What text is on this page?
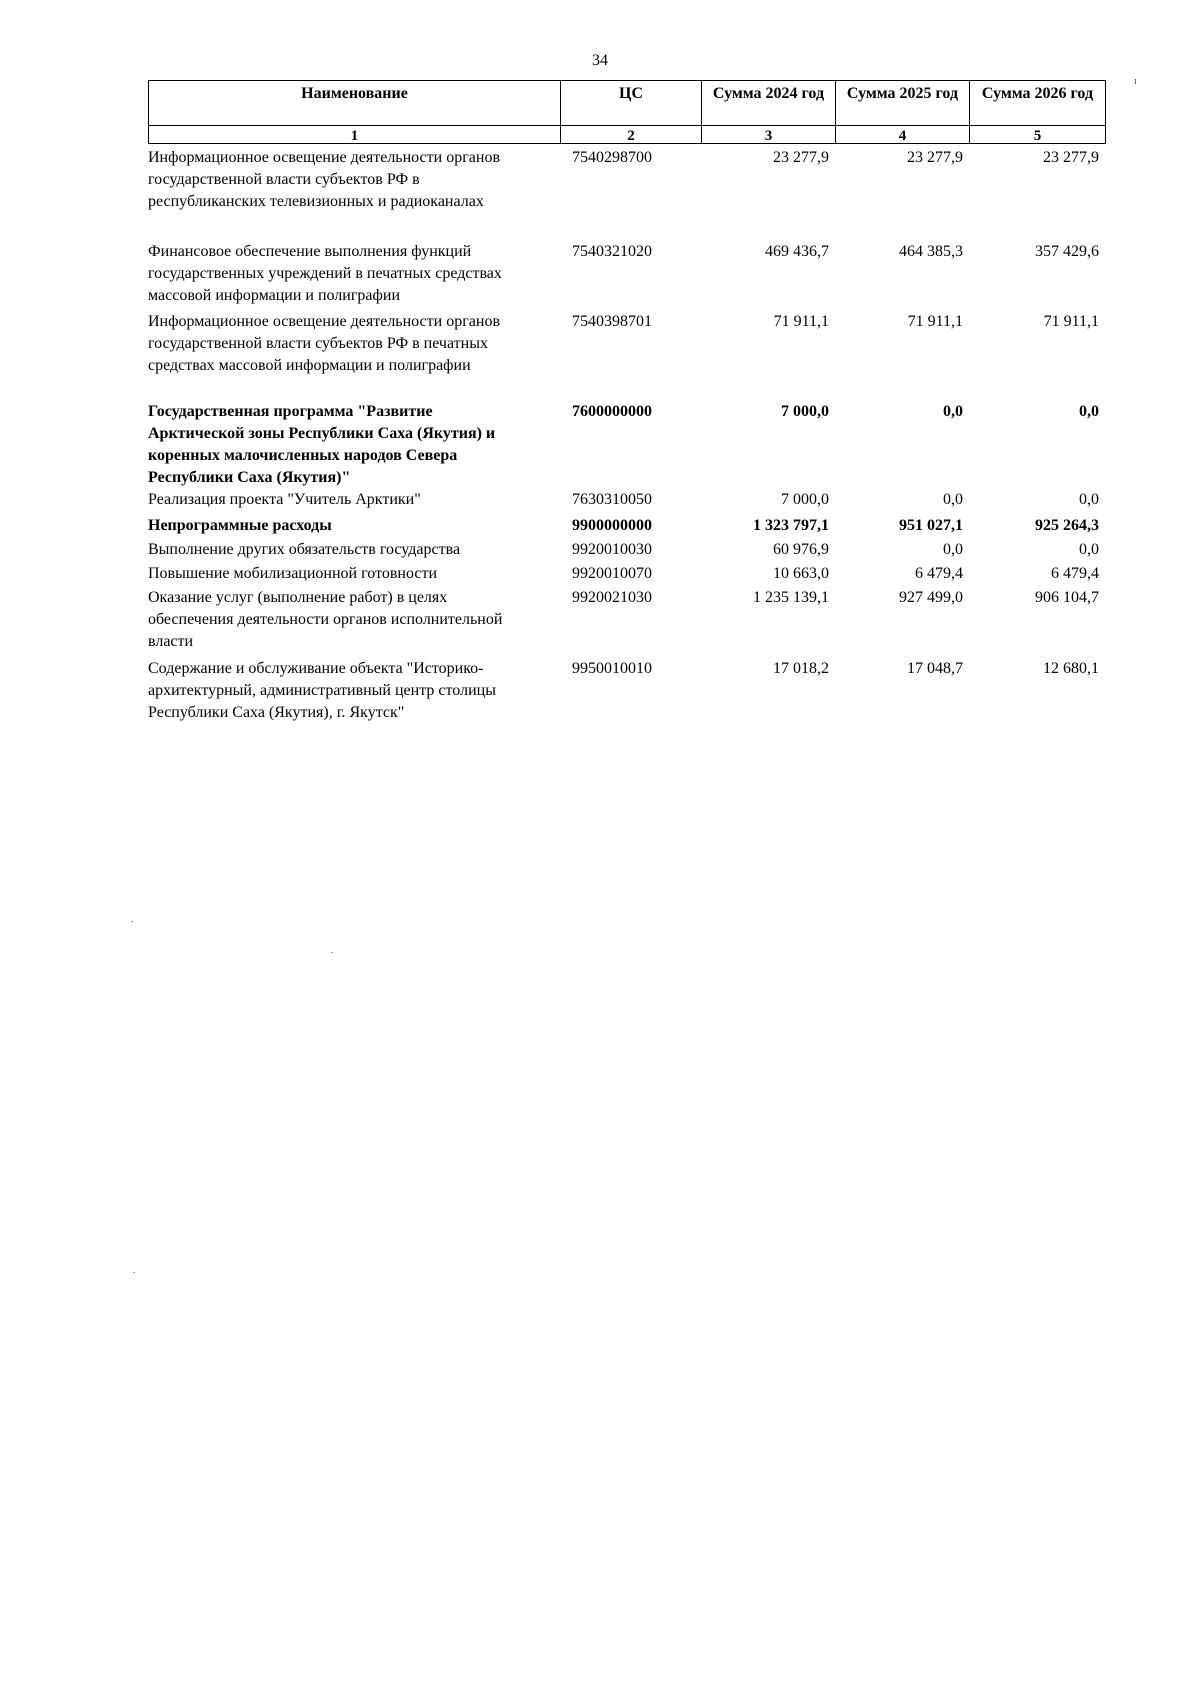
34
Наименование	ЦС	Сумма 2024 год	Сумма 2025 год	Сумма 2026 год
1	2	3	4	5
Информационное освещение деятельности органов государственной власти субъектов РФ в республиканских телевизионных и радиоканалах	7540298700	23 277,9	23 277,9	23 277,9
Финансовое обеспечение выполнения функций государственных учреждений в печатных средствах массовой информации и полиграфии	7540321020	469 436,7	464 385,3	357 429,6
Информационное освещение деятельности органов государственной власти субъектов РФ в печатных средствах массовой информации и полиграфии	7540398701	71 911,1	71 911,1	71 911,1
Государственная программа "Развитие Арктической зоны Республики Саха (Якутия) и коренных малочисленных народов Севера Республики Саха (Якутия)"	7600000000	7 000,0	0,0	0,0
Реализация проекта "Учитель Арктики"	7630310050	7 000,0	0,0	0,0
Непрограммные расходы	9900000000	1 323 797,1	951 027,1	925 264,3
Выполнение других обязательств государства	9920010030	60 976,9	0,0	0,0
Повышение мобилизационной готовности	9920010070	10 663,0	6 479,4	6 479,4
Оказание услуг (выполнение работ) в целях обеспечения деятельности органов исполнительной власти	9920021030	1 235 139,1	927 499,0	906 104,7
Содержание и обслуживание объекта "Историко-архитектурный, административный центр столицы Республики Саха (Якутия), г. Якутск"	9950010010	17 018,2	17 048,7	12 680,1
ı
.
.
.
